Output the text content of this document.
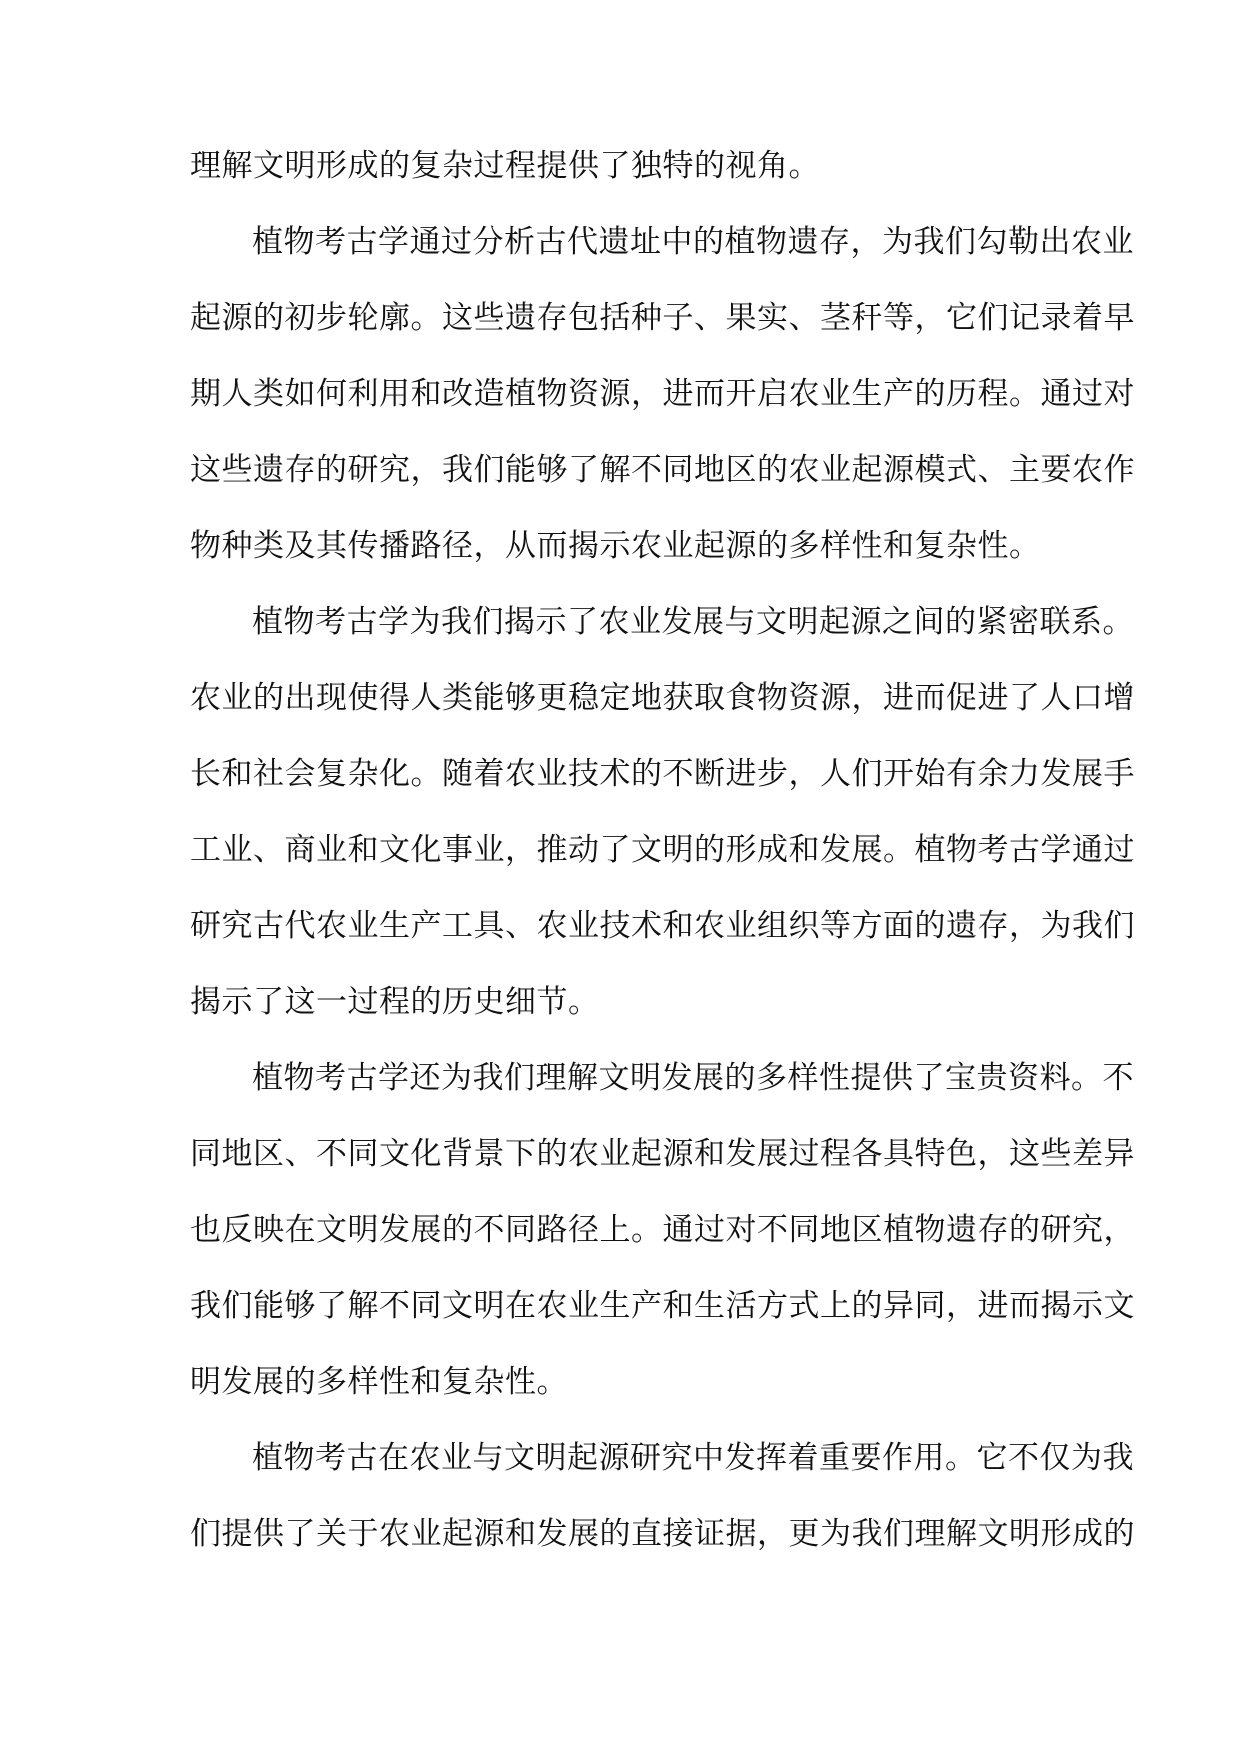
理解文明形成的复杂过程提供了独特的视角。
植物考古学通过分析古代遗址中的植物遗存，为我们勾勒出农业
起源的初步轮廓。这些遗存包括种子、果实、茎秆等，它们记录着早
期人类如何利用和改造植物资源，进而开启农业生产的历程。通过对
这些遗存的研究，我们能够了解不同地区的农业起源模式、主要农作
物种类及其传播路径，从而揭示农业起源的多样性和复杂性。
植物考古学为我们揭示了农业发展与文明起源之间的紧密联系。
农业的出现使得人类能够更稳定地获取食物资源，进而促进了人口增
长和社会复杂化。随着农业技术的不断进步，人们开始有余力发展手
工业、商业和文化事业，推动了文明的形成和发展。植物考古学通过
研究古代农业生产工具、农业技术和农业组织等方面的遗存，为我们
揭示了这一过程的历史细节。
植物考古学还为我们理解文明发展的多样性提供了宝贵资料。不
同地区、不同文化背景下的农业起源和发展过程各具特色，这些差异
也反映在文明发展的不同路径上。通过对不同地区植物遗存的研究，
我们能够了解不同文明在农业生产和生活方式上的异同，进而揭示文
明发展的多样性和复杂性。
植物考古在农业与文明起源研究中发挥着重要作用。它不仅为我
们提供了关于农业起源和发展的直接证据，更为我们理解文明形成的
